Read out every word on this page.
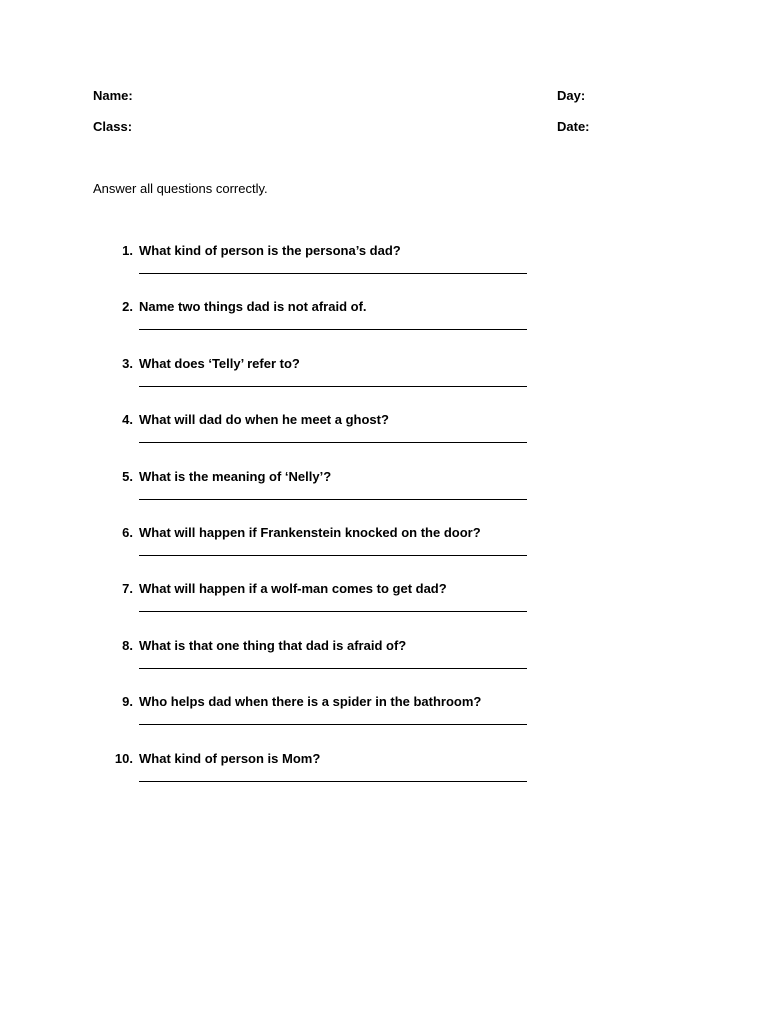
Name:	Day:
Class:	Date:
Answer all questions correctly.
1. What kind of person is the persona’s dad?
2. Name two things dad is not afraid of.
3. What does ‘Telly’ refer to?
4. What will dad do when he meet a ghost?
5. What is the meaning of ‘Nelly’?
6. What will happen if Frankenstein knocked on the door?
7. What will happen if a wolf-man comes to get dad?
8. What is that one thing that dad is afraid of?
9. Who helps dad when there is a spider in the bathroom?
10. What kind of person is Mom?
